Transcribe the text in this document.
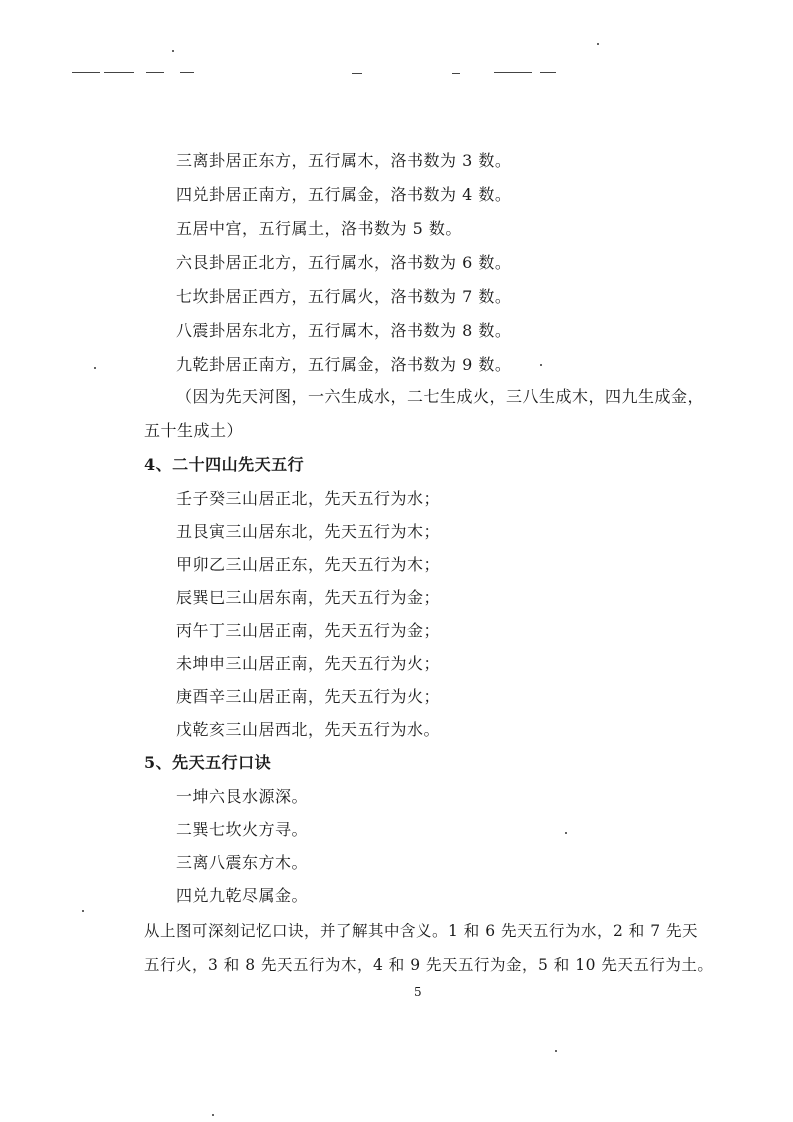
三离卦居正东方，五行属木，洛书数为 3 数。
四兑卦居正南方，五行属金，洛书数为 4 数。
五居中宫，五行属土，洛书数为 5 数。
六艮卦居正北方，五行属水，洛书数为 6 数。
七坎卦居正西方，五行属火，洛书数为 7 数。
八震卦居东北方，五行属木，洛书数为 8 数。
九乾卦居正南方，五行属金，洛书数为 9 数。
（因为先天河图，一六生成水，二七生成火，三八生成木，四九生成金，
五十生成土）
4、二十四山先天五行
壬子癸三山居正北，先天五行为水；
丑艮寅三山居东北，先天五行为木；
甲卯乙三山居正东，先天五行为木；
辰巽巳三山居东南，先天五行为金；
丙午丁三山居正南，先天五行为金；
未坤申三山居正南，先天五行为火；
庚酉辛三山居正南，先天五行为火；
戊乾亥三山居西北，先天五行为水。
5、先天五行口诀
一坤六艮水源深。
二巽七坎火方寻。
三离八震东方木。
四兑九乾尽属金。
从上图可深刻记忆口诀，并了解其中含义。1 和 6 先天五行为水，2 和 7 先天
五行火，3 和 8 先天五行为木，4 和 9 先天五行为金，5 和 10 先天五行为土。
5
